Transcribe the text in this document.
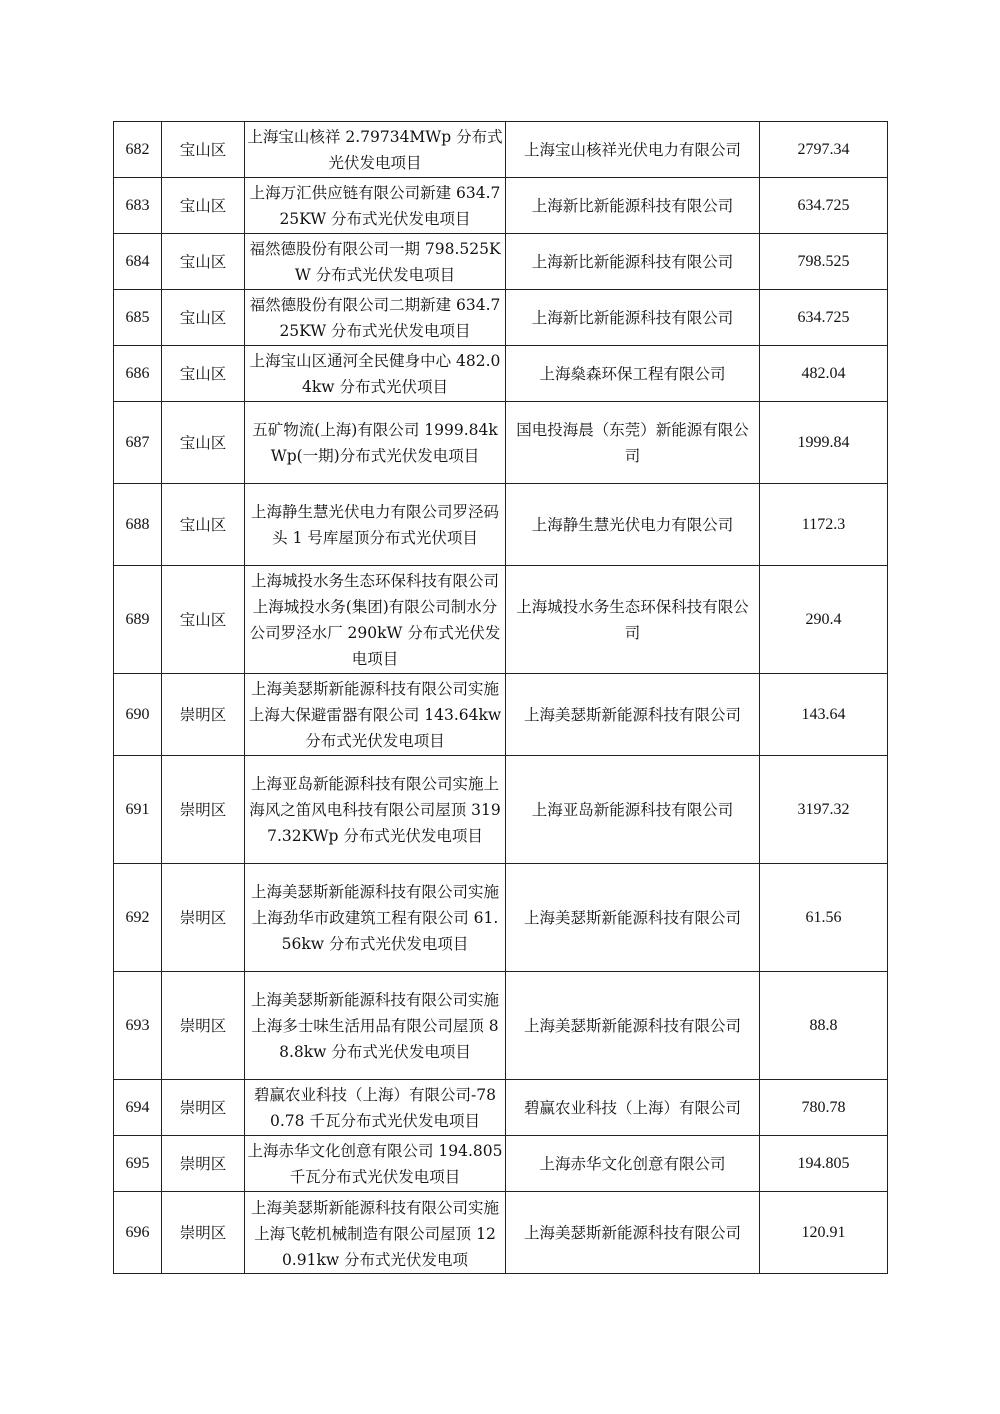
682	宝山区	上海宝山核祥 2.79734MWp 分布式光伏发电项目	上海宝山核祥光伏电力有限公司	2797.34
683	宝山区	上海万汇供应链有限公司新建 634.725KW 分布式光伏发电项目	上海新比新能源科技有限公司	634.725
684	宝山区	福然德股份有限公司一期 798.525KW 分布式光伏发电项目	上海新比新能源科技有限公司	798.525
685	宝山区	福然德股份有限公司二期新建 634.725KW 分布式光伏发电项目	上海新比新能源科技有限公司	634.725
686	宝山区	上海宝山区通河全民健身中心 482.04kw 分布式光伏项目	上海燊森环保工程有限公司	482.04
687	宝山区	五矿物流(上海)有限公司 1999.84kWp(一期)分布式光伏发电项目	国电投海晨（东莞）新能源有限公司	1999.84
688	宝山区	上海静生慧光伏电力有限公司罗泾码头 1 号库屋顶分布式光伏项目	上海静生慧光伏电力有限公司	1172.3
689	宝山区	上海城投水务生态环保科技有限公司上海城投水务(集团)有限公司制水分公司罗泾水厂 290kW 分布式光伏发电项目	上海城投水务生态环保科技有限公司	290.4
690	崇明区	上海美瑟斯新能源科技有限公司实施上海大保避雷器有限公司 143.64kw 分布式光伏发电项目	上海美瑟斯新能源科技有限公司	143.64
691	崇明区	上海亚岛新能源科技有限公司实施上海风之笛风电科技有限公司屋顶 3197.32KWp 分布式光伏发电项目	上海亚岛新能源科技有限公司	3197.32
692	崇明区	上海美瑟斯新能源科技有限公司实施上海劲华市政建筑工程有限公司 61.56kw 分布式光伏发电项目	上海美瑟斯新能源科技有限公司	61.56
693	崇明区	上海美瑟斯新能源科技有限公司实施上海多士味生活用品有限公司屋顶 88.8kw 分布式光伏发电项目	上海美瑟斯新能源科技有限公司	88.8
694	崇明区	碧赢农业科技（上海）有限公司-780.78 千瓦分布式光伏发电项目	碧赢农业科技（上海）有限公司	780.78
695	崇明区	上海赤华文化创意有限公司 194.805 千瓦分布式光伏发电项目	上海赤华文化创意有限公司	194.805
696	崇明区	上海美瑟斯新能源科技有限公司实施上海飞乾机械制造有限公司屋顶 120.91kw 分布式光伏发电项	上海美瑟斯新能源科技有限公司	120.91
